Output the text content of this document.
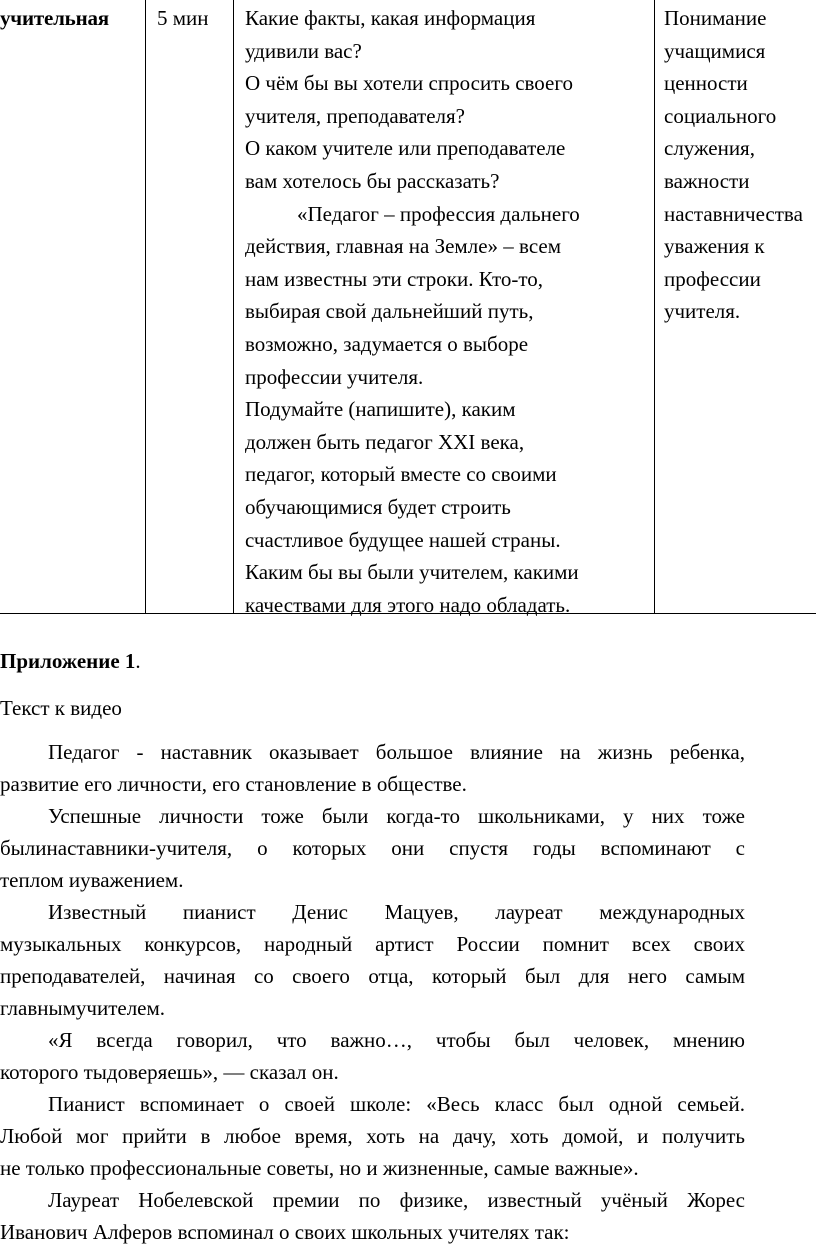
учительная 5 мин Какие факты, какая информация
удивили вас?
О чём бы вы хотели спросить своего
учителя, преподавателя?
О каком учителе или преподавателе
вам хотелось бы рассказать?
«Педагог – профессия дальнего
действия, главная на Земле» – всем
нам известны эти строки. Кто-то,
выбирая свой дальнейший путь,
возможно, задумается о выборе
профессии учителя.
Подумайте (напишите), каким
должен быть педагог XXI века,
педагог, который вместе со своими
обучающимися будет строить
счастливое будущее нашей страны.
Каким бы вы были учителем, какими
качествами для этого надо обладать.
Понимание
учащимися
ценности
социального
служения,
важности
наставничества
уважения к
профессии
учителя.
Приложение 1.
Текст к видео
Педагог - наставник оказывает большое влияние на жизнь ребенка,
развитие его личности, его становление в обществе.
Успешные личности тоже были когда-то школьниками, у них тоже
былинаставники-учителя, о которых они спустя годы вспоминают с
теплом иуважением.
Известный пианист Денис Мацуев, лауреат международных
музыкальных конкурсов, народный артист России помнит всех своих
преподавателей, начиная со своего отца, который был для него самым
главнымучителем.
«Я всегда говорил, что важно…, чтобы был человек, мнению
которого тыдоверяешь», — сказал он.
Пианист вспоминает о своей школе: «Весь класс был одной семьей.
Любой мог прийти в любое время, хоть на дачу, хоть домой, и получить
не только профессиональные советы, но и жизненные, самые важные».
Лауреат Нобелевской премии по физике, известный учёный Жорес
Иванович Алферов вспоминал о своих школьных учителях так:
